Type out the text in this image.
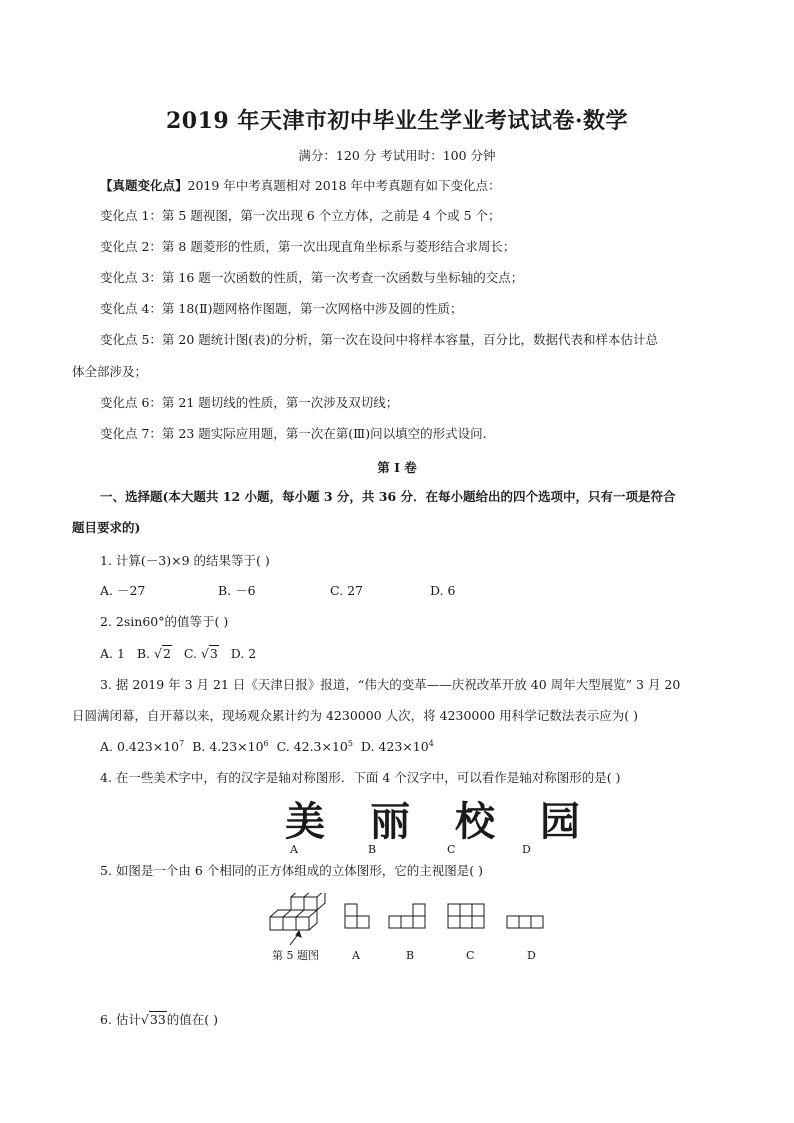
2019 年天津市初中毕业生学业考试试卷·数学
满分：120 分 考试用时：100 分钟
【真题变化点】2019 年中考真题相对 2018 年中考真题有如下变化点：
变化点 1：第 5 题视图，第一次出现 6 个立方体，之前是 4 个或 5 个；
变化点 2：第 8 题菱形的性质，第一次出现直角坐标系与菱形结合求周长；
变化点 3：第 16 题一次函数的性质，第一次考查一次函数与坐标轴的交点；
变化点 4：第 18(Ⅱ)题网格作图题，第一次网格中涉及圆的性质；
变化点 5：第 20 题统计图(表)的分析，第一次在设问中将样本容量，百分比，数据代表和样本估计总
体全部涉及；
变化点 6：第 21 题切线的性质，第一次涉及双切线；
变化点 7：第 23 题实际应用题，第一次在第(Ⅲ)问以填空的形式设问.
第 I 卷
一、选择题(本大题共 12 小题，每小题 3 分，共 36 分．在每小题给出的四个选项中，只有一项是符合
题目要求的)
1. 计算(－3)×9 的结果等于( )
A. －27	B. －6	C. 27	D. 6
2. 2sin60°的值等于( )
A. 1 B. √2 C. √3 D. 2
3. 据 2019 年 3 月 21 日《天津日报》报道，“伟大的变革——庆祝改革开放 40 周年大型展览” 3 月 20
日圆满闭幕，自开幕以来，现场观众累计约为 4230000 人次，将 4230000 用科学记数法表示应为( )
A. $0.423\times 10^7$ B. $4.23\times 10^6$ C. $42.3\times 10^5$ D. $423\times 10^4$
4. 在一些美术字中，有的汉字是轴对称图形．下面 4 个汉字中，可以看作是轴对称图形的是( )
美 丽 校 园
A	B	C	D
5. 如图是一个由 6 个相同的正方体组成的立体图形，它的主视图是( )
第 5 题图	A	B	C	D
6. 估计√33的值在( )
